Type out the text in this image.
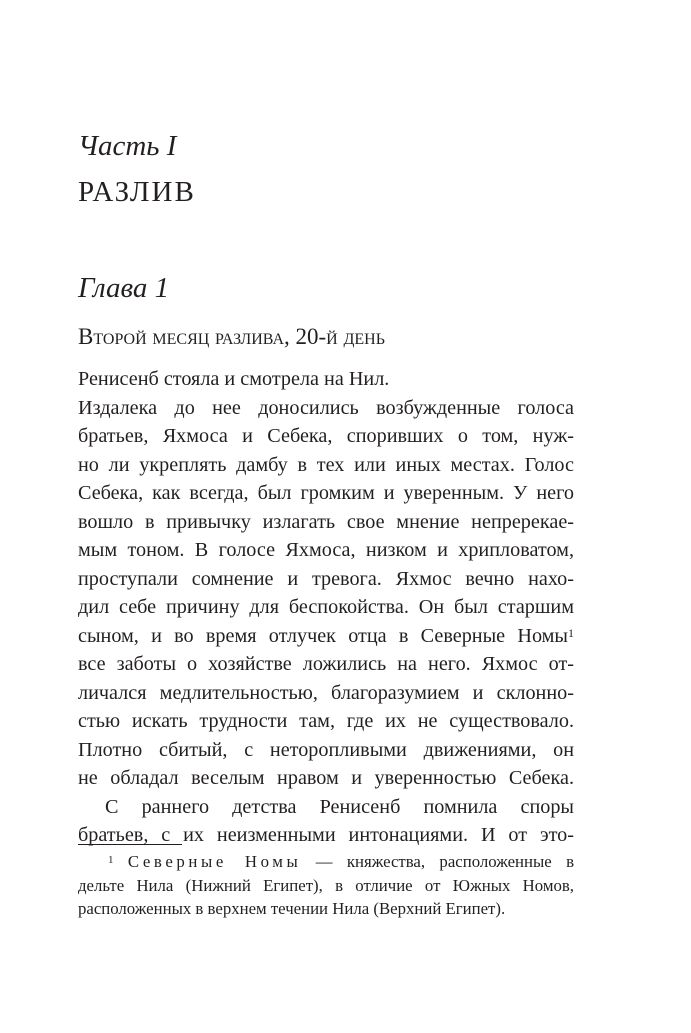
Часть I
РАЗЛИВ
Глава 1
Второй месяц разлива, 20-й день
Ренисенб стояла и смотрела на Нил.
Издалека до нее доносились возбужденные голоса
братьев, Яхмоса и Себека, споривших о том, нуж-
но ли укреплять дамбу в тех или иных местах. Голос
Себека, как всегда, был громким и уверенным. У него
вошло в привычку излагать свое мнение непререкае-
мым тоном. В голосе Яхмоса, низком и хрипловатом,
проступали сомнение и тревога. Яхмос вечно нахо-
дил себе причину для беспокойства. Он был старшим
сыном, и во время отлучек отца в Северные Номы$^1$
все заботы о хозяйстве ложились на него. Яхмос от-
личался медлительностью, благоразумием и склонно-
стью искать трудности там, где их не существовало.
Плотно сбитый, с неторопливыми движениями, он
не обладал веселым нравом и уверенностью Себека.
С раннего детства Ренисенб помнила споры
братьев, с их неизменными интонациями. И от это-
$^1$ Северные Номы — княжества, расположенные в
дельте Нила (Нижний Египет), в отличие от Южных Номов,
расположенных в верхнем течении Нила (Верхний Египет).
